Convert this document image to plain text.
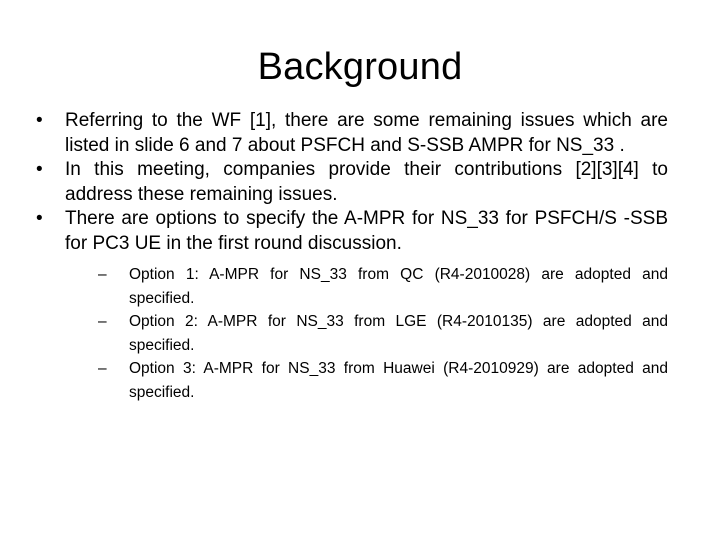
Background
•	Referring to the WF [1], there are some remaining issues which are listed in slide 6 and 7 about PSFCH and S-SSB AMPR for NS_33 .
•	In this meeting, companies provide their contributions [2][3][4] to address these remaining issues.
•	There are options to specify the A-MPR for NS_33 for PSFCH/S -SSB for PC3 UE in the first round discussion.
–	Option 1: A-MPR for NS_33 from QC (R4-2010028) are adopted and specified.
–	Option 2: A-MPR for NS_33 from LGE (R4-2010135) are adopted and specified.
–	Option 3: A-MPR for NS_33 from Huawei (R4-2010929) are adopted and specified.
